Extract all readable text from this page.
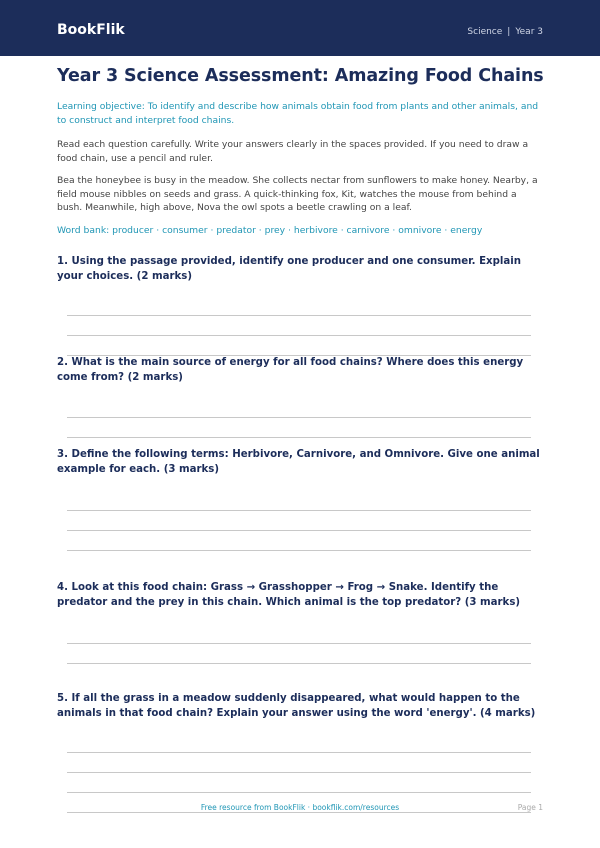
BookFlik	Science | Year 3
Year 3 Science Assessment: Amazing Food Chains

Learning objective: To identify and describe how animals obtain food from plants and other animals, and to construct and interpret food chains.

Read each question carefully. Write your answers clearly in the spaces provided. If you need to draw a food chain, use a pencil and ruler.

Bea the honeybee is busy in the meadow. She collects nectar from sunflowers to make honey. Nearby, a field mouse nibbles on seeds and grass. A quick-thinking fox, Kit, watches the mouse from behind a bush. Meanwhile, high above, Nova the owl spots a beetle crawling on a leaf.

Word bank: producer · consumer · predator · prey · herbivore · carnivore · omnivore · energy

1. Using the passage provided, identify one producer and one consumer. Explain your choices. (2 marks)
2. What is the main source of energy for all food chains? Where does this energy come from? (2 marks)
3. Define the following terms: Herbivore, Carnivore, and Omnivore. Give one animal example for each. (3 marks)
4. Look at this food chain: Grass → Grasshopper → Frog → Snake. Identify the predator and the prey in this chain. Which animal is the top predator? (3 marks)
5. If all the grass in a meadow suddenly disappeared, what would happen to the animals in that food chain? Explain your answer using the word 'energy'. (4 marks)
Free resource from BookFlik · bookflik.com/resources	Page 1
